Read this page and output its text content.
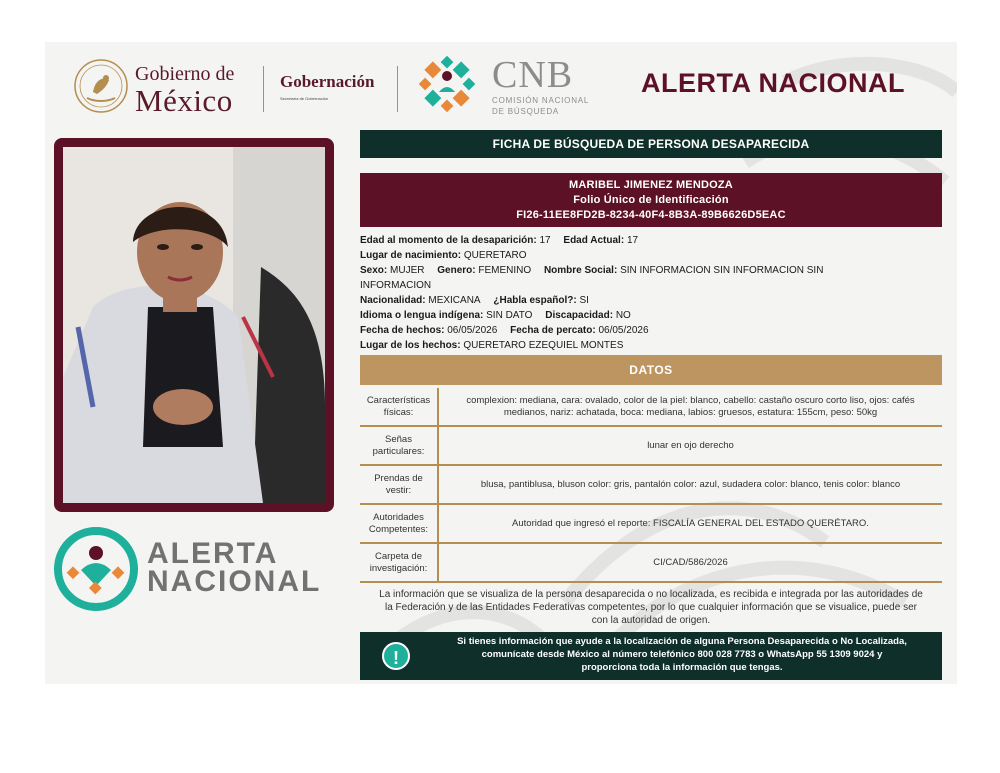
Gobierno de
México
Gobernación
Secretaría de Gobernación
CNB
COMISIÓN NACIONAL
DE BÚSQUEDA
ALERTA NACIONAL
ALERTA
NACIONAL
FICHA DE BÚSQUEDA DE PERSONA DESAPARECIDA
MARIBEL JIMENEZ MENDOZA
Folio Único de Identificación
FI26-11EE8FD2B-8234-40F4-8B3A-89B6626D5EAC
Edad al momento de la desaparición: 17 Edad Actual: 17
Lugar de nacimiento: QUERETARO
Sexo: MUJER Genero: FEMENINO Nombre Social: SIN INFORMACION SIN INFORMACION SIN
INFORMACION
Nacionalidad: MEXICANA ¿Habla español?: SI
Idioma o lengua indígena: SIN DATO Discapacidad: NO
Fecha de hechos: 06/05/2026 Fecha de percato: 06/05/2026
Lugar de los hechos: QUERETARO EZEQUIEL MONTES
DATOS
Características
físicas:	complexion: mediana, cara: ovalado, color de la piel: blanco, cabello: castaño oscuro corto liso, ojos: cafés
medianos, nariz: achatada, boca: mediana, labios: gruesos, estatura: 155cm, peso: 50kg
Señas
particulares:	lunar en ojo derecho
Prendas de
vestir:	blusa, pantiblusa, bluson color: gris, pantalón color: azul, sudadera color: blanco, tenis color: blanco
Autoridades
Competentes:	Autoridad que ingresó el reporte: FISCALÍA GENERAL DEL ESTADO QUERÉTARO.
Carpeta de
investigación:	CI/CAD/586/2026
La información que se visualiza de la persona desaparecida o no localizada, es recibida e integrada por las autoridades de
la Federación y de las Entidades Federativas competentes, por lo que cualquier información que se visualice, puede ser
con la autoridad de origen.
!
Si tienes información que ayude a la localización de alguna Persona Desaparecida o No Localizada,
comunícate desde México al número telefónico 800 028 7783 o WhatsApp 55 1309 9024 y
proporciona toda la información que tengas.
